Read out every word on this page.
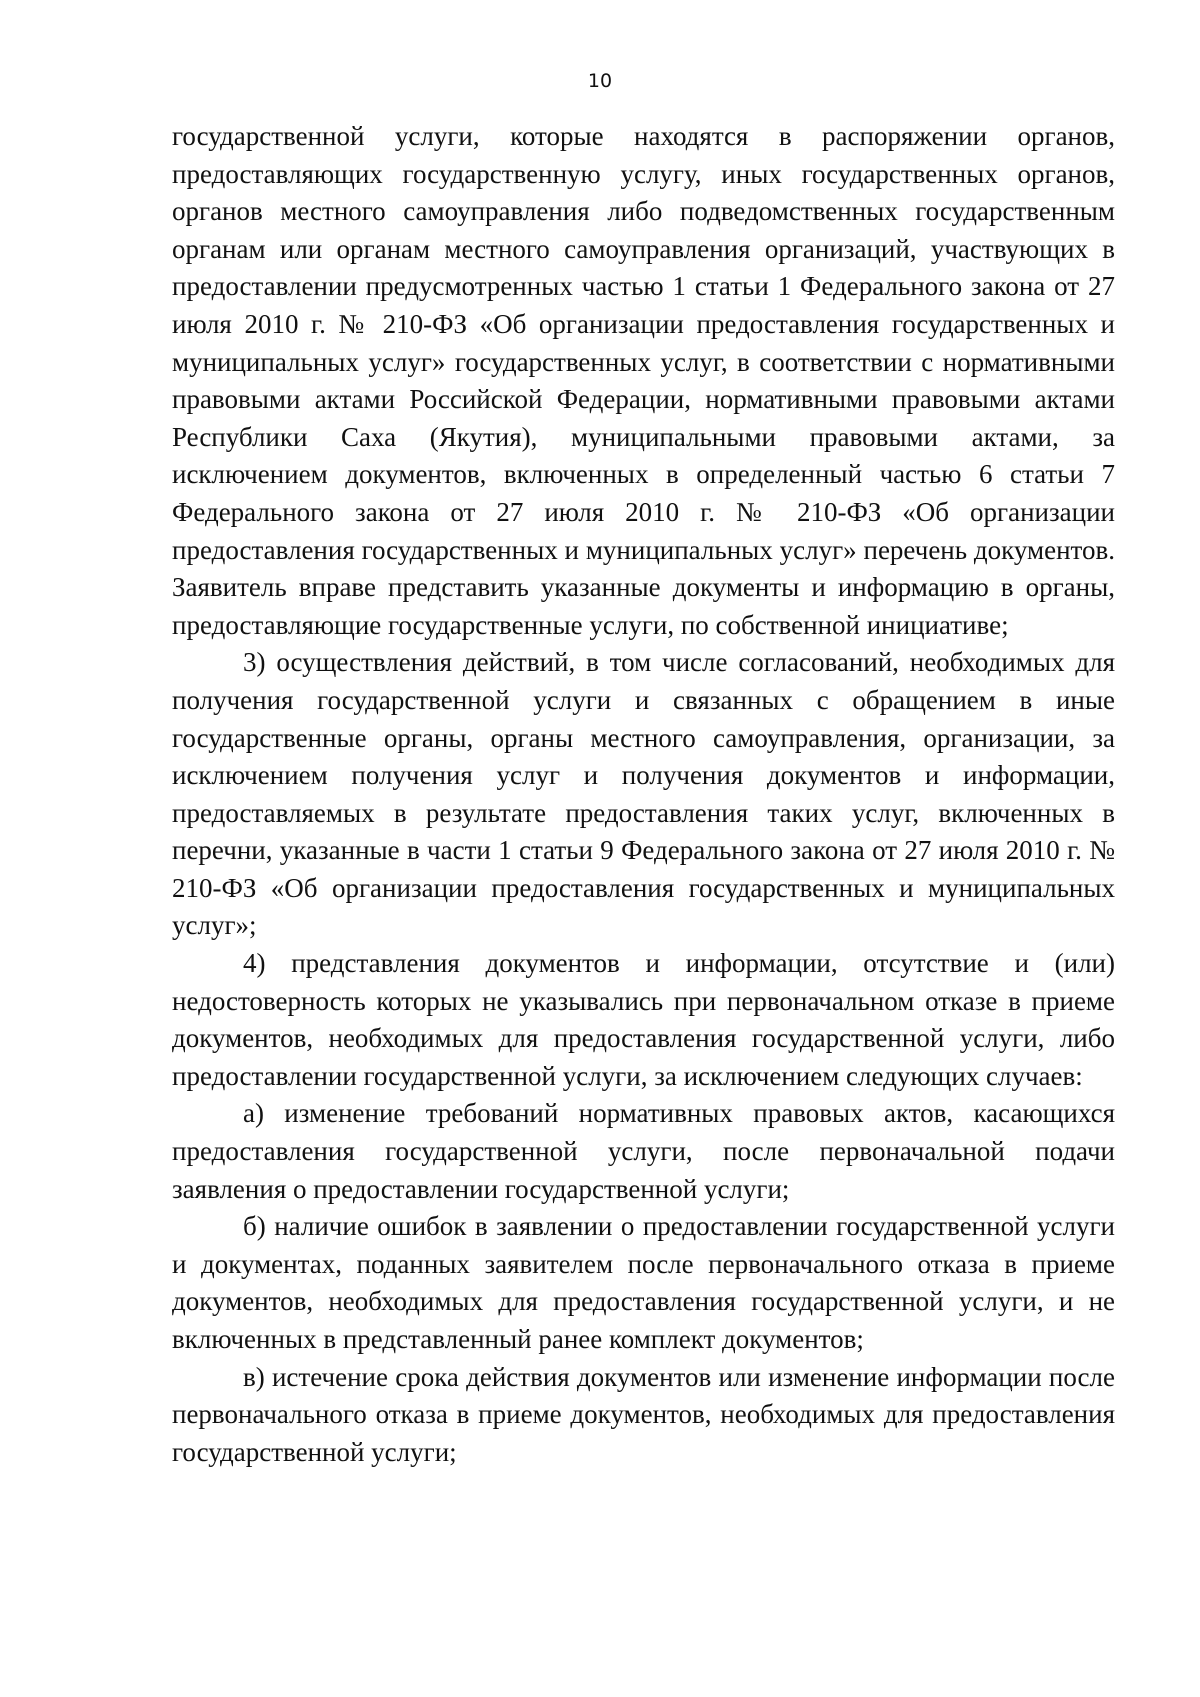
10

государственной услуги, которые находятся в распоряжении органов, предоставляющих государственную услугу, иных государственных органов, органов местного самоуправления либо подведомственных государственным органам или органам местного самоуправления организаций, участвующих в предоставлении предусмотренных частью 1 статьи 1 Федерального закона от 27 июля 2010 г. № 210-ФЗ «Об организации предоставления государственных и муниципальных услуг» государственных услуг, в соответствии с нормативными правовыми актами Российской Федерации, нормативными правовыми актами Республики Саха (Якутия), муниципальными правовыми актами, за исключением документов, включенных в определенный частью 6 статьи 7 Федерального закона от 27 июля 2010 г. № 210-ФЗ «Об организации предоставления государственных и муниципальных услуг» перечень документов. Заявитель вправе представить указанные документы и информацию в органы, предоставляющие государственные услуги, по собственной инициативе;

3) осуществления действий, в том числе согласований, необходимых для получения государственной услуги и связанных с обращением в иные государственные органы, органы местного самоуправления, организации, за исключением получения услуг и получения документов и информации, предоставляемых в результате предоставления таких услуг, включенных в перечни, указанные в части 1 статьи 9 Федерального закона от 27 июля 2010 г. № 210-ФЗ «Об организации предоставления государственных и муниципальных услуг»;

4) представления документов и информации, отсутствие и (или) недостоверность которых не указывались при первоначальном отказе в приеме документов, необходимых для предоставления государственной услуги, либо предоставлении государственной услуги, за исключением следующих случаев:

а) изменение требований нормативных правовых актов, касающихся предоставления государственной услуги, после первоначальной подачи заявления о предоставлении государственной услуги;

б) наличие ошибок в заявлении о предоставлении государственной услуги и документах, поданных заявителем после первоначального отказа в приеме документов, необходимых для предоставления государственной услуги, и не включенных в представленный ранее комплект документов;

в) истечение срока действия документов или изменение информации после первоначального отказа в приеме документов, необходимых для предоставления государственной услуги;
